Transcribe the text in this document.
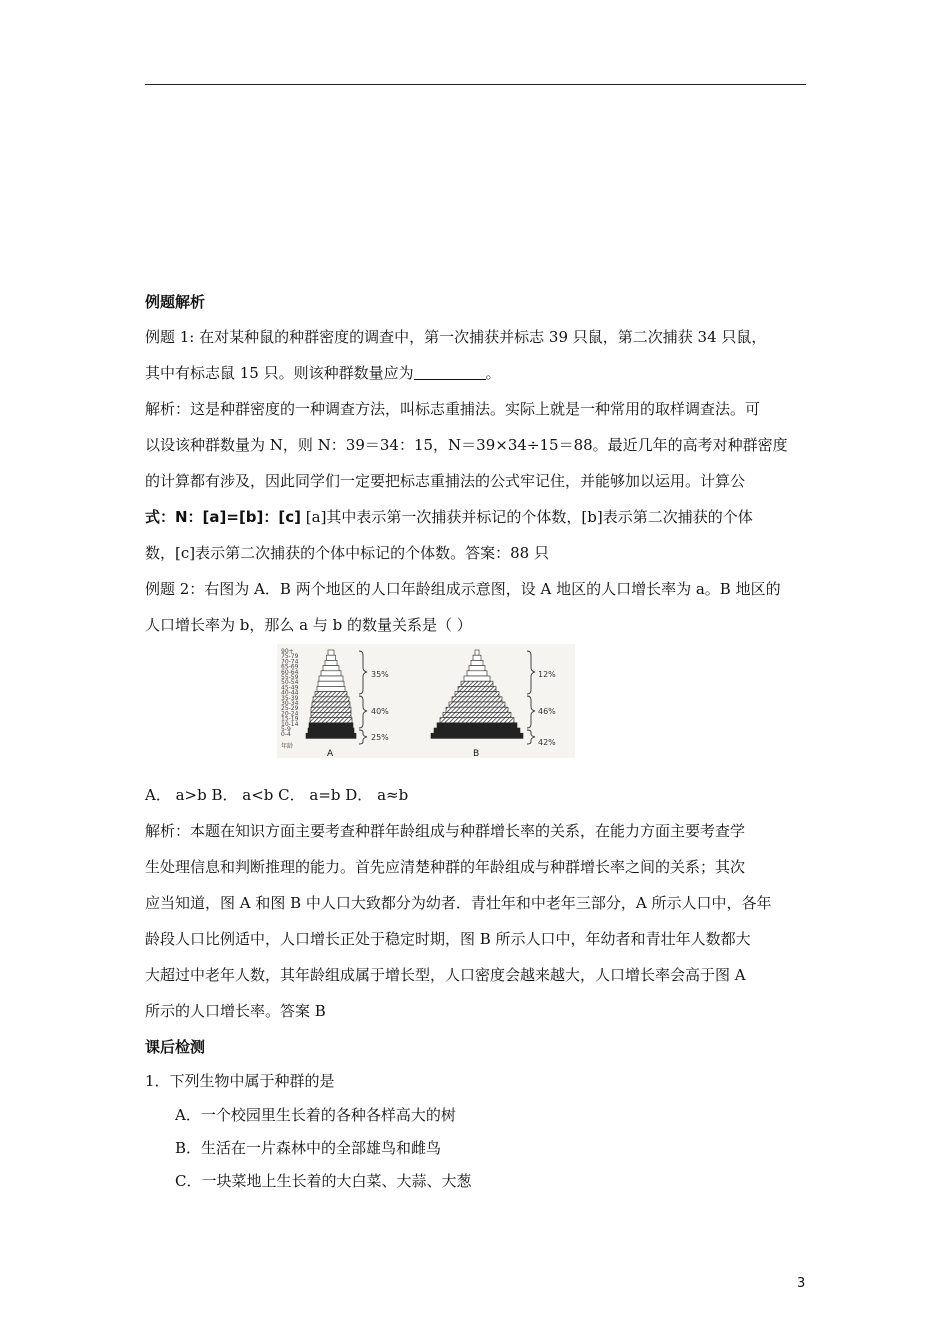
例题解析
例题 1: 在对某种鼠的种群密度的调查中，第一次捕获并标志 39 只鼠，第二次捕获 34 只鼠，
其中有标志鼠 15 只。则该种群数量应为	。
解析：这是种群密度的一种调查方法，叫标志重捕法。实际上就是一种常用的取样调查法。可
以设该种群数量为 N，则 N：39＝34：15，N＝39×34÷15＝88。最近几年的高考对种群密度
的计算都有涉及，因此同学们一定要把标志重捕法的公式牢记住，并能够加以运用。计算公
式：N：[a]=[b]：[c] [a]其中表示第一次捕获并标记的个体数，[b]表示第二次捕获的个体
数，[c]表示第二次捕获的个体中标记的个体数。答案：88 只
例题 2：右图为 A．B 两个地区的人口年龄组成示意图，设 A 地区的人口增长率为 a。B 地区的
人口增长率为 b，那么 a 与 b 的数量关系是（ ）
90+
75-79
70-74
65-69
60-64
55-59
50-54
45-49
40-44
35-39
30-34
25-29
20-24
15-19
10-14
5-9
0-4
35%
40%
25%
12%
46%
42%
年龄
A	B
A． a>b B． a<b C． a=b D． a≈b
解析：本题在知识方面主要考查种群年龄组成与种群增长率的关系，在能力方面主要考查学
生处理信息和判断推理的能力。首先应清楚种群的年龄组成与种群增长率之间的关系；其次
应当知道，图 A 和图 B 中人口大致都分为幼者．青壮年和中老年三部分，A 所示人口中，各年
龄段人口比例适中，人口增长正处于稳定时期，图 B 所示人口中，年幼者和青壮年人数都大
大超过中老年人数，其年龄组成属于增长型，人口密度会越来越大，人口增长率会高于图 A
所示的人口增长率。答案 B
课后检测
1．下列生物中属于种群的是
A．一个校园里生长着的各种各样高大的树
B．生活在一片森林中的全部雄鸟和雌鸟
C．一块菜地上生长着的大白菜、大蒜、大葱
3
